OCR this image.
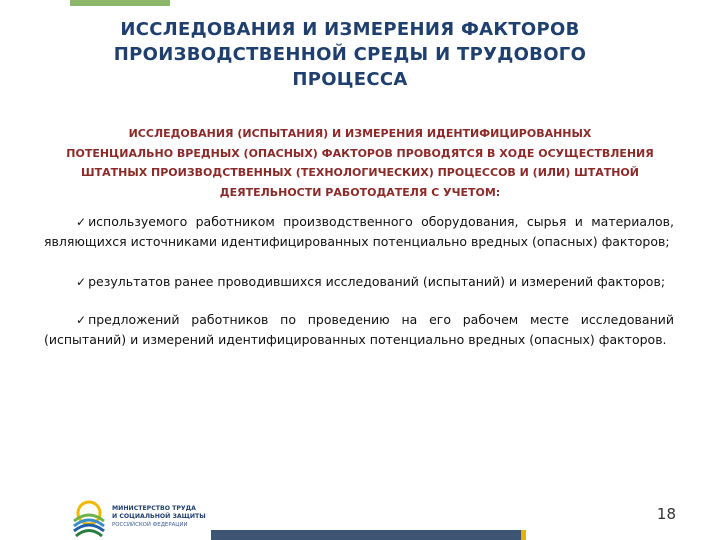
ИССЛЕДОВАНИЯ И ИЗМЕРЕНИЯ ФАКТОРОВ
ПРОИЗВОДСТВЕННОЙ СРЕДЫ И ТРУДОВОГО
ПРОЦЕССА

ИССЛЕДОВАНИЯ (ИСПЫТАНИЯ) И ИЗМЕРЕНИЯ ИДЕНТИФИЦИРОВАННЫХ
ПОТЕНЦИАЛЬНО ВРЕДНЫХ (ОПАСНЫХ) ФАКТОРОВ ПРОВОДЯТСЯ В ХОДЕ ОСУЩЕСТВЛЕНИЯ
ШТАТНЫХ ПРОИЗВОДСТВЕННЫХ (ТЕХНОЛОГИЧЕСКИХ) ПРОЦЕССОВ И (ИЛИ) ШТАТНОЙ
ДЕЯТЕЛЬНОСТИ РАБОТОДАТЕЛЯ С УЧЕТОМ:

✓ используемого работником производственного оборудования, сырья и материалов, являющихся источниками идентифицированных потенциально вредных (опасных) факторов;
✓ результатов ранее проводившихся исследований (испытаний) и измерений факторов;
✓ предложений работников по проведению на его рабочем месте исследований (испытаний) и измерений идентифицированных потенциально вредных (опасных) факторов.
МИНИСТЕРСТВО ТРУДА
И СОЦИАЛЬНОЙ ЗАЩИТЫ
РОССИЙСКОЙ ФЕДЕРАЦИИ
18
